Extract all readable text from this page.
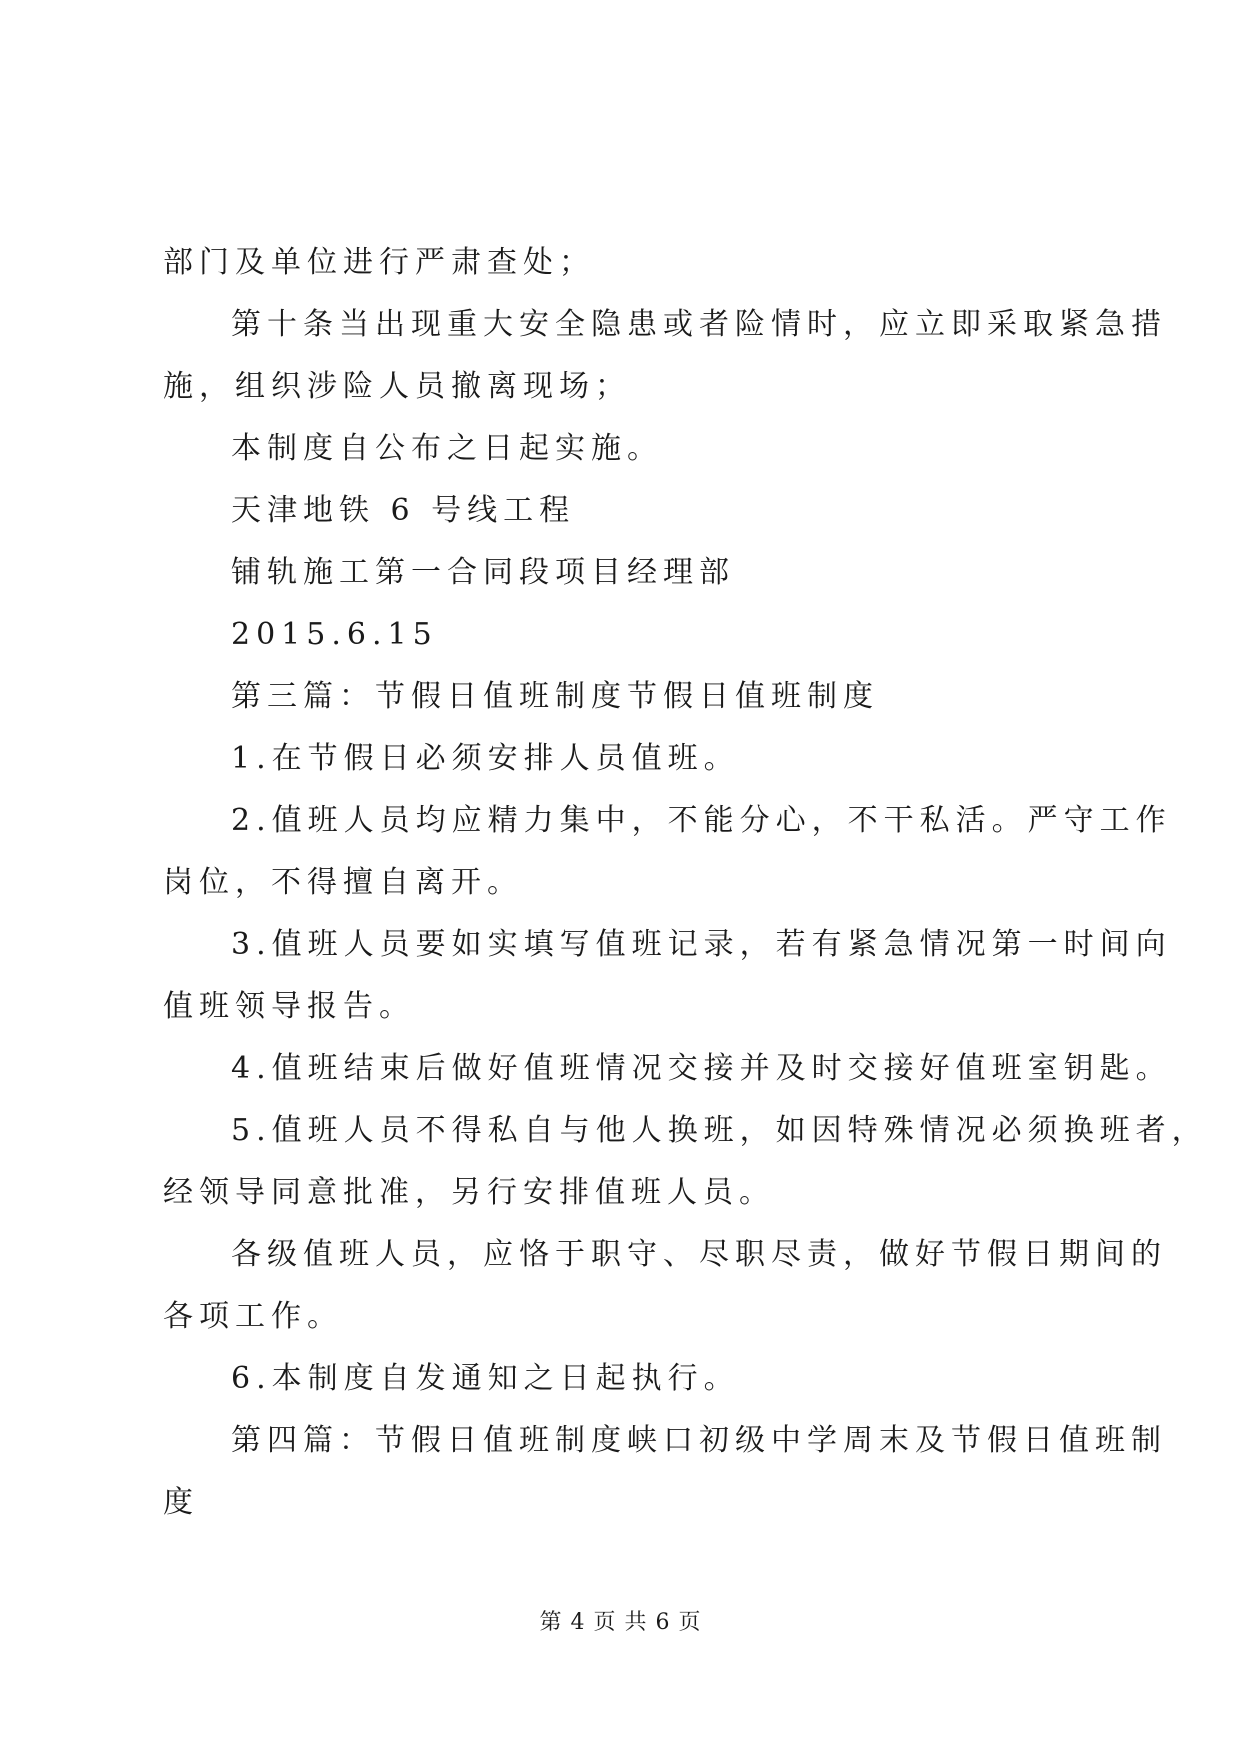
部门及单位进行严肃查处；

第十条当出现重大安全隐患或者险情时，应立即采取紧急措

施，组织涉险人员撤离现场；

本制度自公布之日起实施。

天津地铁 6 号线工程

铺轨施工第一合同段项目经理部

2015.6.15

第三篇：节假日值班制度节假日值班制度

1.在节假日必须安排人员值班。

2.值班人员均应精力集中，不能分心，不干私活。严守工作

岗位，不得擅自离开。

3.值班人员要如实填写值班记录，若有紧急情况第一时间向

值班领导报告。

4.值班结束后做好值班情况交接并及时交接好值班室钥匙。

5.值班人员不得私自与他人换班，如因特殊情况必须换班者，

经领导同意批准，另行安排值班人员。

各级值班人员，应恪于职守、尽职尽责，做好节假日期间的

各项工作。

6.本制度自发通知之日起执行。

第四篇：节假日值班制度峡口初级中学周末及节假日值班制

度

第 4 页 共 6 页
